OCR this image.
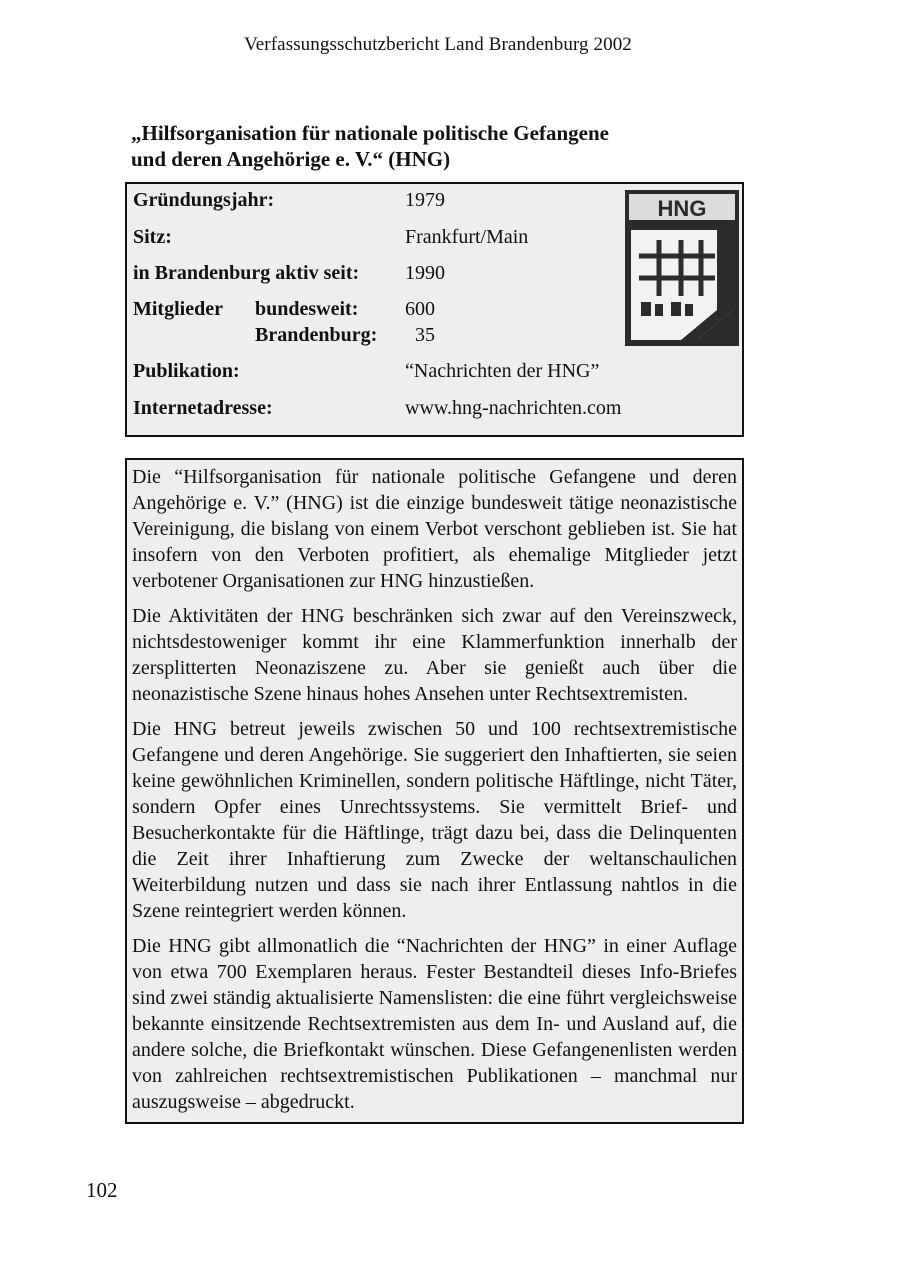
Verfassungsschutzbericht Land Brandenburg 2002
„Hilfsorganisation für nationale politische Gefangene
und deren Angehörige e. V.“ (HNG)
Gründungsjahr:	1979
Sitz:	Frankfurt/Main
in Brandenburg aktiv seit: 1990
Mitglieder bundesweit: 600
Brandenburg: 35
Publikation:	“Nachrichten der HNG”
Internetadresse:	www.hng-nachrichten.com
HNG

Die “Hilfsorganisation für nationale politische Gefangene und deren Angehörige e. V.” (HNG) ist die einzige bundesweit tätige neonazistische Vereinigung, die bislang von einem Verbot verschont geblieben ist. Sie hat insofern von den Verboten profitiert, als ehemalige Mitglieder jetzt verbotener Organisationen zur HNG hinzustießen.

Die Aktivitäten der HNG beschränken sich zwar auf den Vereinszweck, nichtsdestoweniger kommt ihr eine Klammerfunktion innerhalb der zersplitterten Neonaziszene zu. Aber sie genießt auch über die neonazistische Szene hinaus hohes Ansehen unter Rechtsextremisten.

Die HNG betreut jeweils zwischen 50 und 100 rechtsextremistische Gefangene und deren Angehörige. Sie suggeriert den Inhaftierten, sie seien keine gewöhnlichen Kriminellen, sondern politische Häftlinge, nicht Täter, sondern Opfer eines Unrechtssystems. Sie vermittelt Brief- und Besucherkontakte für die Häftlinge, trägt dazu bei, dass die Delinquenten die Zeit ihrer Inhaftierung zum Zwecke der weltanschaulichen Weiterbildung nutzen und dass sie nach ihrer Entlassung nahtlos in die Szene reintegriert werden können.

Die HNG gibt allmonatlich die “Nachrichten der HNG” in einer Auflage von etwa 700 Exemplaren heraus. Fester Bestandteil dieses Info-Briefes sind zwei ständig aktualisierte Namenslisten: die eine führt vergleichsweise bekannte einsitzende Rechtsextremisten aus dem In- und Ausland auf, die andere solche, die Briefkontakt wünschen. Diese Gefangenenlisten werden von zahlreichen rechtsextremistischen Publikationen – manchmal nur auszugsweise – abgedruckt.

102
